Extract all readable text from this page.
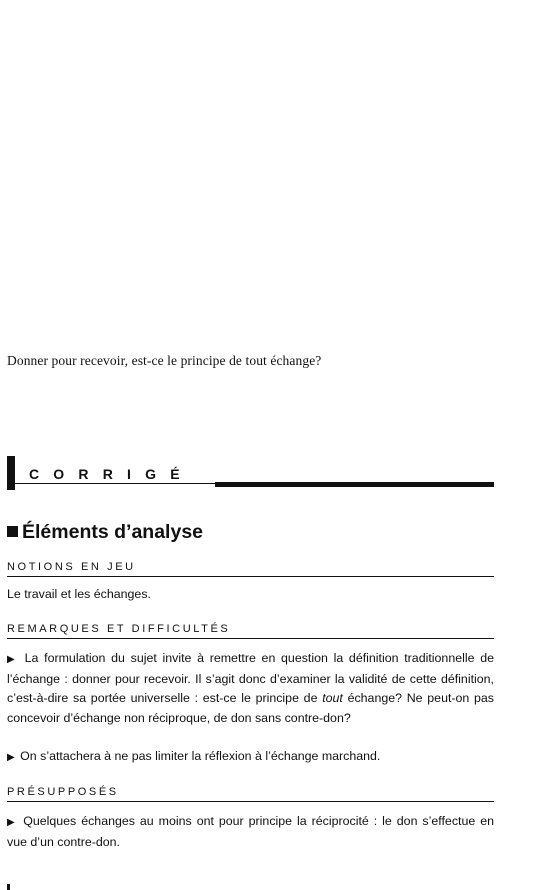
Donner pour recevoir, est-ce le principe de tout échange?
CORRIGÉ
Éléments d’analyse
NOTIONS EN JEU

Le travail et les échanges.

REMARQUES ET DIFFICULTÉS

▶ La formulation du sujet invite à remettre en question la définition traditionnelle de l’échange : donner pour recevoir. Il s’agit donc d’examiner la validité de cette définition, c’est-à-dire sa portée universelle : est-ce le principe de tout échange? Ne peut-on pas concevoir d’échange non réciproque, de don sans contre-don?

▶ On s’attachera à ne pas limiter la réflexion à l’échange marchand.

PRÉSUPPOSÉS

▶ Quelques échanges au moins ont pour principe la réciprocité : le don s’effectue en vue d’un contre-don.
